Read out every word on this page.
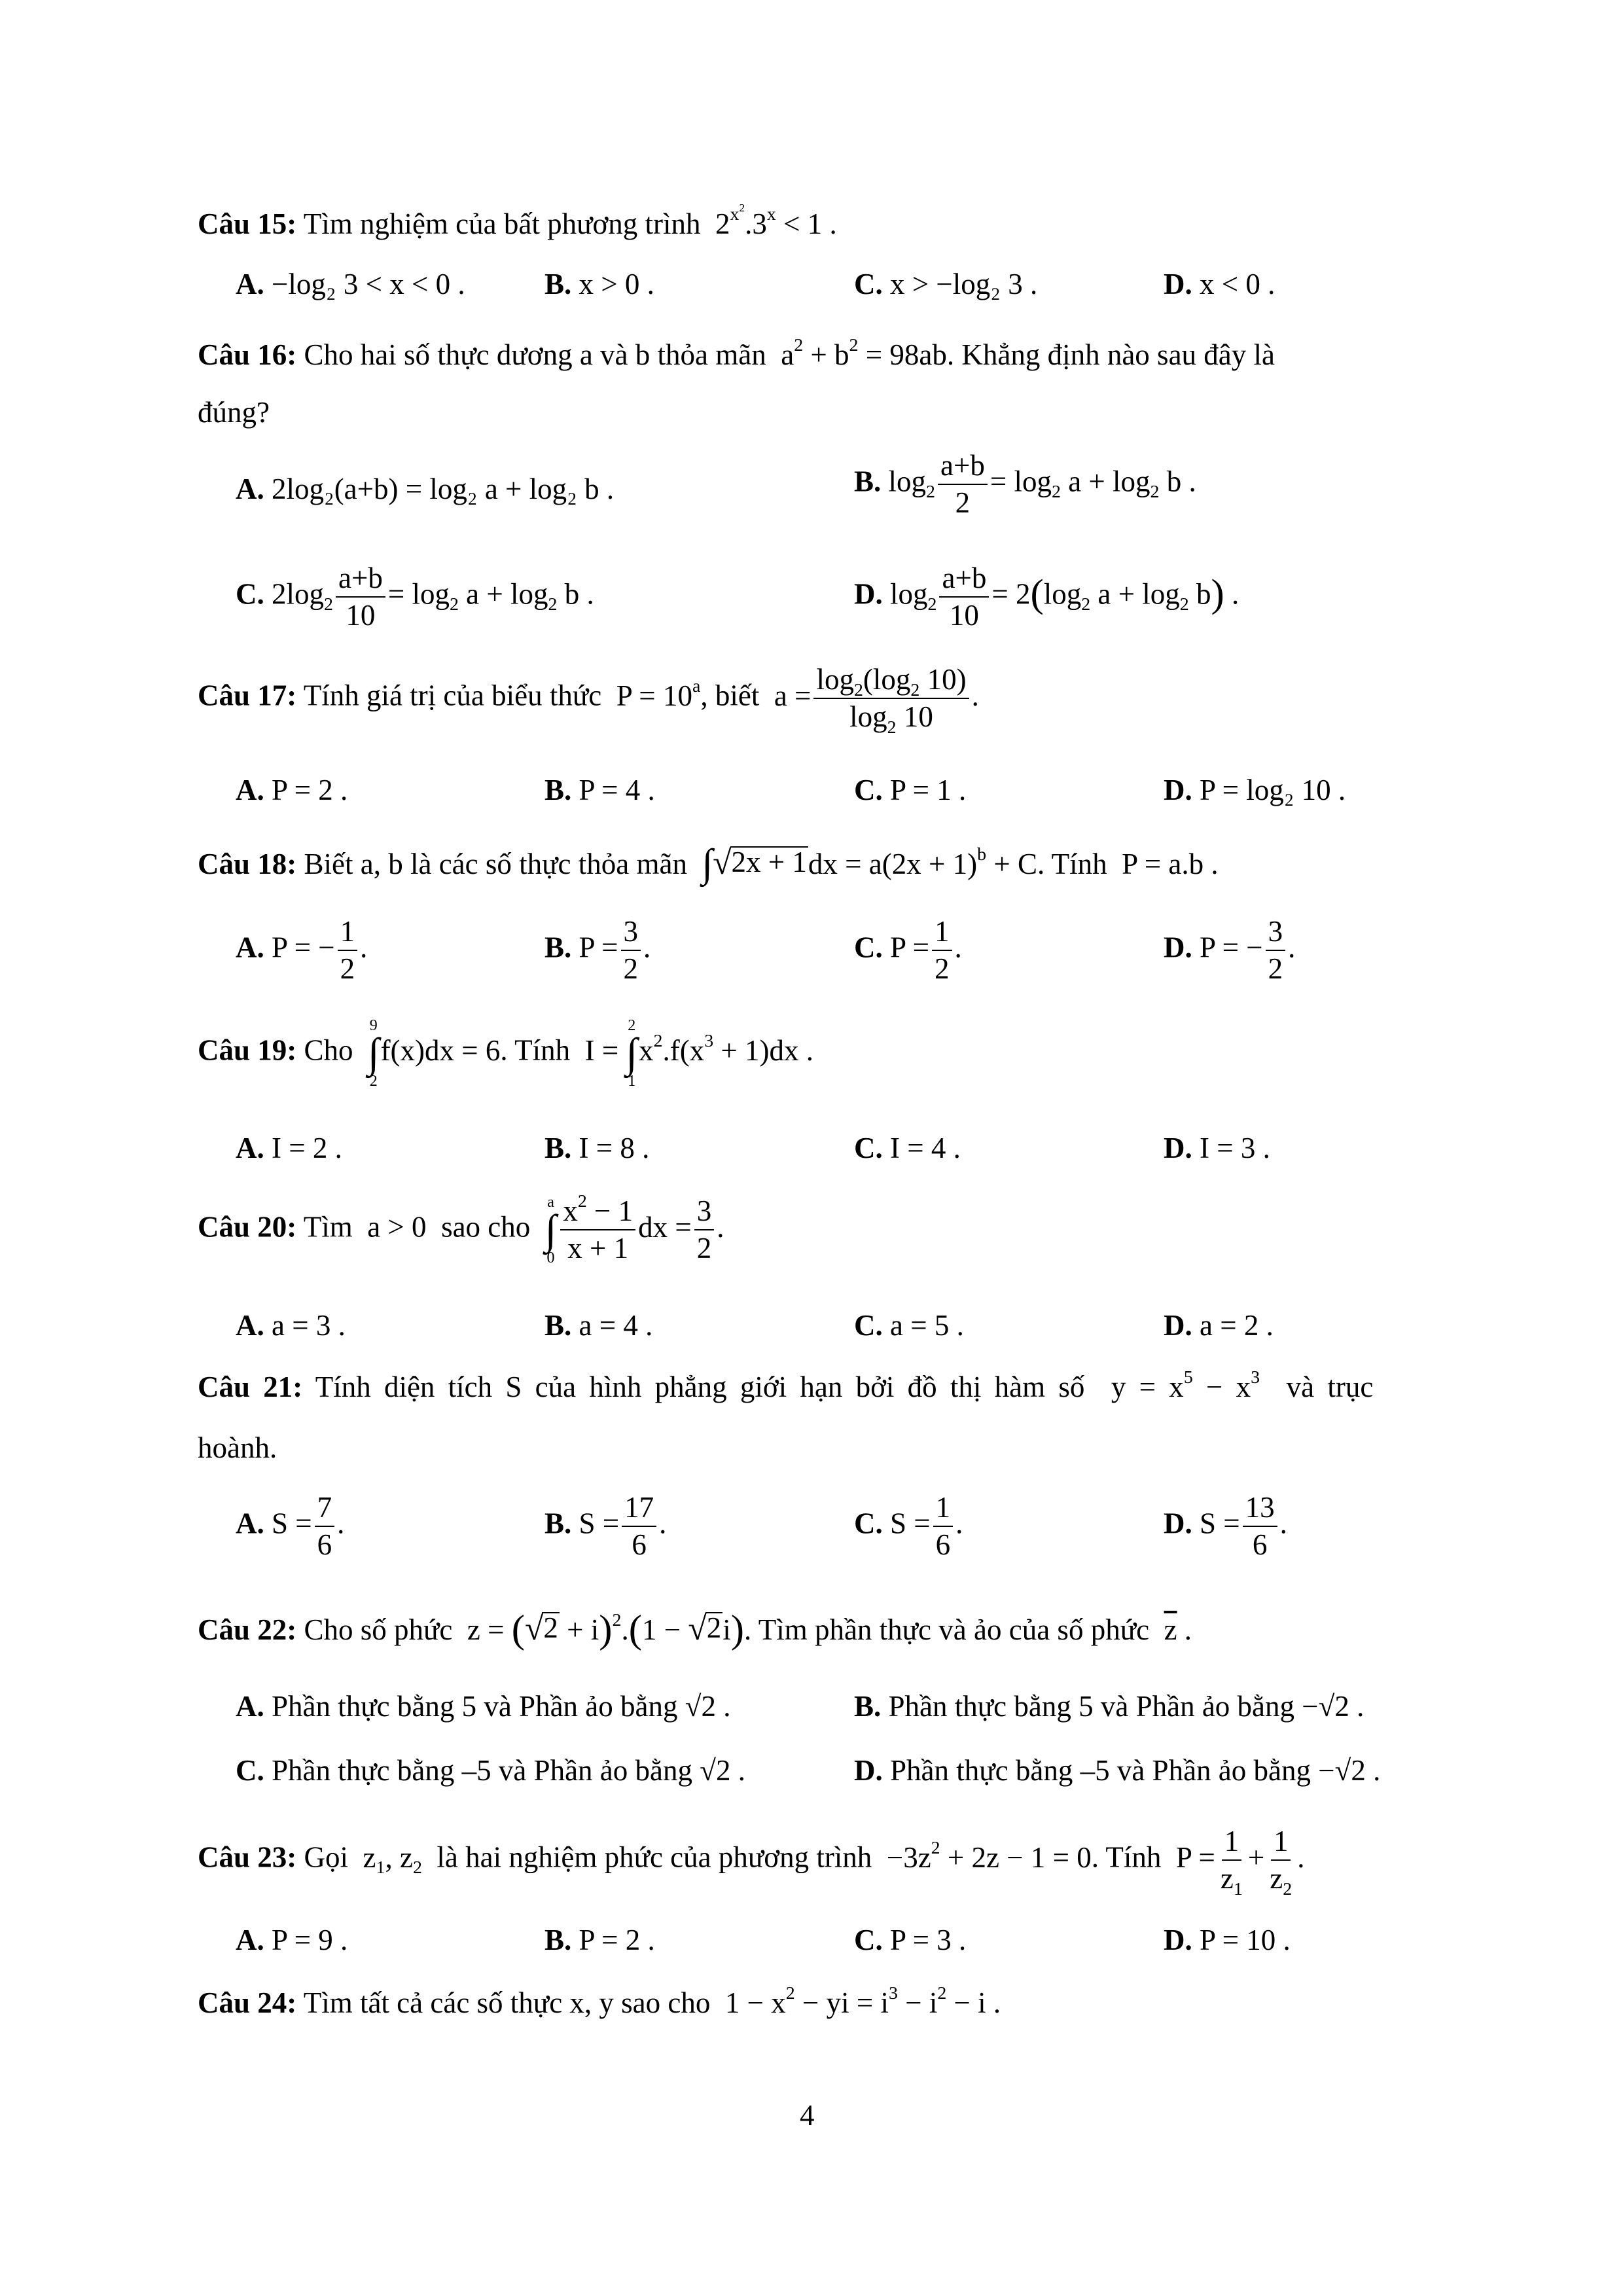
Câu 15: Tìm nghiệm của bất phương trình  $2^{x^2}.3^x < 1$ .
A. −log₂ 3 < x < 0 .	B. x > 0 .	C. x > −log₂ 3 .	D. x < 0 .
Câu 16: Cho hai số thực dương a và b thỏa mãn  $a^2 + b^2 = 98ab$. Khẳng định nào sau đây là
đúng?
A. 2log₂(a+b) = log₂ a + log₂ b .	B. $\log_2 \frac{a+b}{2} = \log_2 a + \log_2 b$ .
C. $2\log_2 \frac{a+b}{10} = \log_2 a + \log_2 b$ .	D. $\log_2 \frac{a+b}{10} = 2(\log_2$ $a + \log_2 b$) .
Câu 17: Tính giá trị của biểu thức  $P = 10^a$, biết  $a = \frac{\log_2(\log_2 10)}{\log_2 10}$ .
A. P = 2 .	B. P = 4 .	C. P = 1 .	D. P = log₂ 10 .
Câu 18: Biết a, b là các số thực thỏa mãn ∫ √ 2x + 1 dx = $a(2x + 1)^b + C$. Tính  P = a.b .
A. P = − $\frac{1}{2}$ .	B. $P = \frac{3}{2}$ .	C. $P = \frac{1}{2}$ .	D. P = − $\frac{3}{2}$ .
Câu 19: Cho
9
∫
2
f(x)dx = 6. Tính  I =
2
∫
1
$x^2.f(x^3 + 1)dx$ .
A. I = 2 .	B. I = 8 .	C. I = 4 .	D. I = 3 .
Câu 20: Tìm  a > 0  sao cho
a
∫
$0 \frac{x^2 - 1}{x + 1}$ dx = $\frac{3}{2}$ .
A. a = 3 .	B. a = 4 .	C. a = 5 .	D. a = 2 .
Câu 21: Tính diện tích S của hình phẳng giới hạn bởi đồ thị hàm số  $y = x^5 - x^3$ và trục
hoành.
A. $S = \frac{7}{6}$ .	B. $S = \frac{17}{6}$ .	C. $S = \frac{1}{6}$ .	D. $S = \frac{13}{6}$ .
Câu 22: Cho số phức  z = ( √ 2 + i)$^2$.(1 − √ 2 i). Tìm phần thực và ảo của số phức $\overline{z}$ .
A. Phần thực bằng 5 và Phần ảo bằng √2 .	B. Phần thực bằng 5 và Phần ảo bằng −√2 .
C. Phần thực bằng –5 và Phần ảo bằng √2 .	D. Phần thực bằng –5 và Phần ảo bằng −√2 .
Câu 23: Gọi  $z_1$, $z_2$ là hai nghiệm phức của phương trình  $-3z^2 + 2z - 1 = 0$. Tính  $P = \frac{1}{z_1} + \frac{1}{z_2}$ .
A. P = 9 .	B. P = 2 .	C. P = 3 .	D. P = 10 .
Câu 24: Tìm tất cả các số thực x, y sao cho  $1 - x^2$ − yi = $i^3 - i^2 - i$ .
4
